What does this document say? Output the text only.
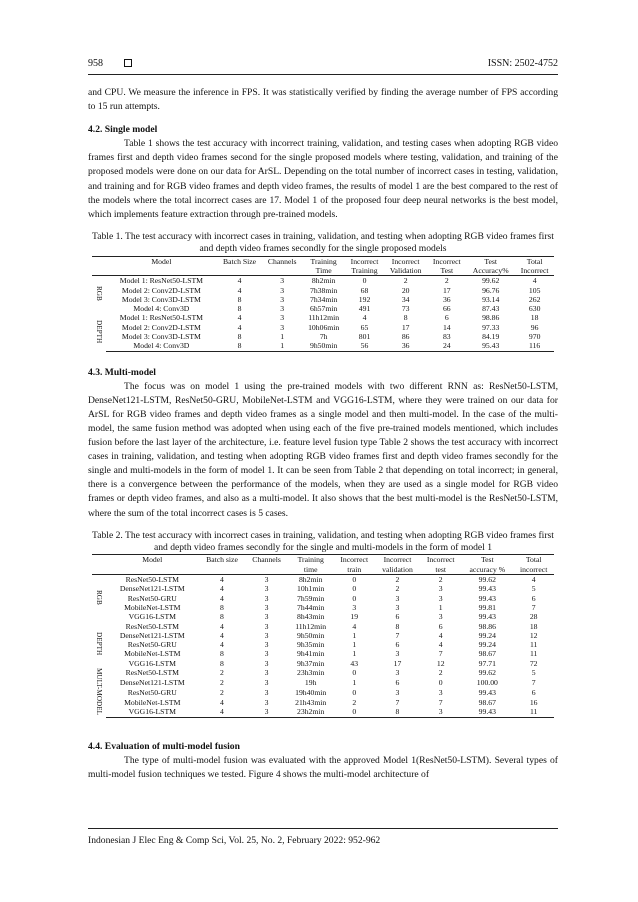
958	ISSN: 2502-4752

and CPU. We measure the inference in FPS. It was statistically verified by finding the average number of FPS according to 15 run attempts.

4.2. Single model

Table 1 shows the test accuracy with incorrect training, validation, and testing cases when adopting RGB video frames first and depth video frames second for the single proposed models where testing, validation, and training of the proposed models were done on our data for ArSL. Depending on the total number of incorrect cases in testing, validation, and training and for RGB video frames and depth video frames, the results of model 1 are the best compared to the rest of the models where the total incorrect cases are 17. Model 1 of the proposed four deep neural networks is the best model, which implements feature extraction through pre-trained models.

Table 1. The test accuracy with incorrect cases in training, validation, and testing when adopting RGB video frames first and depth video frames secondly for the single proposed models
	Model	Batch Size	Channels	Training	Incorrect	Incorrect	Incorrect	Test	Total
				Time	Training	Validation	Test	Accuracy%	Incorrect
RGB	Model 1: ResNet50-LSTM	4	3	8h2min	0	2	2	99.62	4
	Model 2: Conv2D-LSTM	4	3	7h38min	68	20	17	96.76	105
	Model 3: Conv3D-LSTM	8	3	7h34min	192	34	36	93.14	262
	Model 4: Conv3D	8	3	6h57min	491	73	66	87.43	630
DEPTH	Model 1: ResNet50-LSTM	4	3	11h12min	4	8	6	98.86	18
	Model 2: Conv2D-LSTM	4	3	10h06min	65	17	14	97.33	96
	Model 3: Conv3D-LSTM	8	1	7h	801	86	83	84.19	970
	Model 4: Conv3D	8	1	9h50min	56	36	24	95.43	116
4.3. Multi-model

The focus was on model 1 using the pre-trained models with two different RNN as: ResNet50-LSTM, DenseNet121-LSTM, ResNet50-GRU, MobileNet-LSTM and VGG16-LSTM, where they were trained on our data for ArSL for RGB video frames and depth video frames as a single model and then multi-model. In the case of the multi-model, the same fusion method was adopted when using each of the five pre-trained models mentioned, which includes fusion before the last layer of the architecture, i.e. feature level fusion type Table 2 shows the test accuracy with incorrect cases in training, validation, and testing when adopting RGB video frames first and depth video frames secondly for the single and multi-models in the form of model 1. It can be seen from Table 2 that depending on total incorrect; in general, there is a convergence between the performance of the models, when they are used as a single model for RGB video frames or depth video frames, and also as a multi-model. It also shows that the best multi-model is the ResNet50-LSTM, where the sum of the total incorrect cases is 5 cases.

Table 2. The test accuracy with incorrect cases in training, validation, and testing when adopting RGB video frames first and depth video frames secondly for the single and multi-models in the form of model 1
	Model	Batch size	Channels	Training	Incorrect	Incorrect	Incorrect	Test	Total
				time	train	validation	test	accuracy %	incorrect
RGB	ResNet50-LSTM	4	3	8h2min	0	2	2	99.62	4
	DenseNet121-LSTM	4	3	10h1min	0	2	3	99.43	5
	ResNet50-GRU	4	3	7h59min	0	3	3	99.43	6
	MobileNet-LSTM	8	3	7h44min	3	3	1	99.81	7
	VGG16-LSTM	8	3	8h43min	19	6	3	99.43	28
DEPTH	ResNet50-LSTM	4	3	11h12min	4	8	6	98.86	18
	DenseNet121-LSTM	4	3	9h50min	1	7	4	99.24	12
	ResNet50-GRU	4	3	9h35min	1	6	4	99.24	11
	MobileNet-LSTM	8	3	9h41min	1	3	7	98.67	11
	VGG16-LSTM	8	3	9h37min	43	17	12	97.71	72
MULT-MODEL	ResNet50-LSTM	2	3	23h3min	0	3	2	99.62	5
	DenseNet121-LSTM	2	3	19h	1	6	0	100.00	7
	ResNet50-GRU	2	3	19h40min	0	3	3	99.43	6
	MobileNet-LSTM	4	3	21h43min	2	7	7	98.67	16
	VGG16-LSTM	4	3	23h2min	0	8	3	99.43	11
4.4. Evaluation of multi-model fusion

The type of multi-model fusion was evaluated with the approved Model 1(ResNet50-LSTM). Several types of multi-model fusion techniques we tested. Figure 4 shows the multi-model architecture of

Indonesian J Elec Eng & Comp Sci, Vol. 25, No. 2, February 2022: 952-962
